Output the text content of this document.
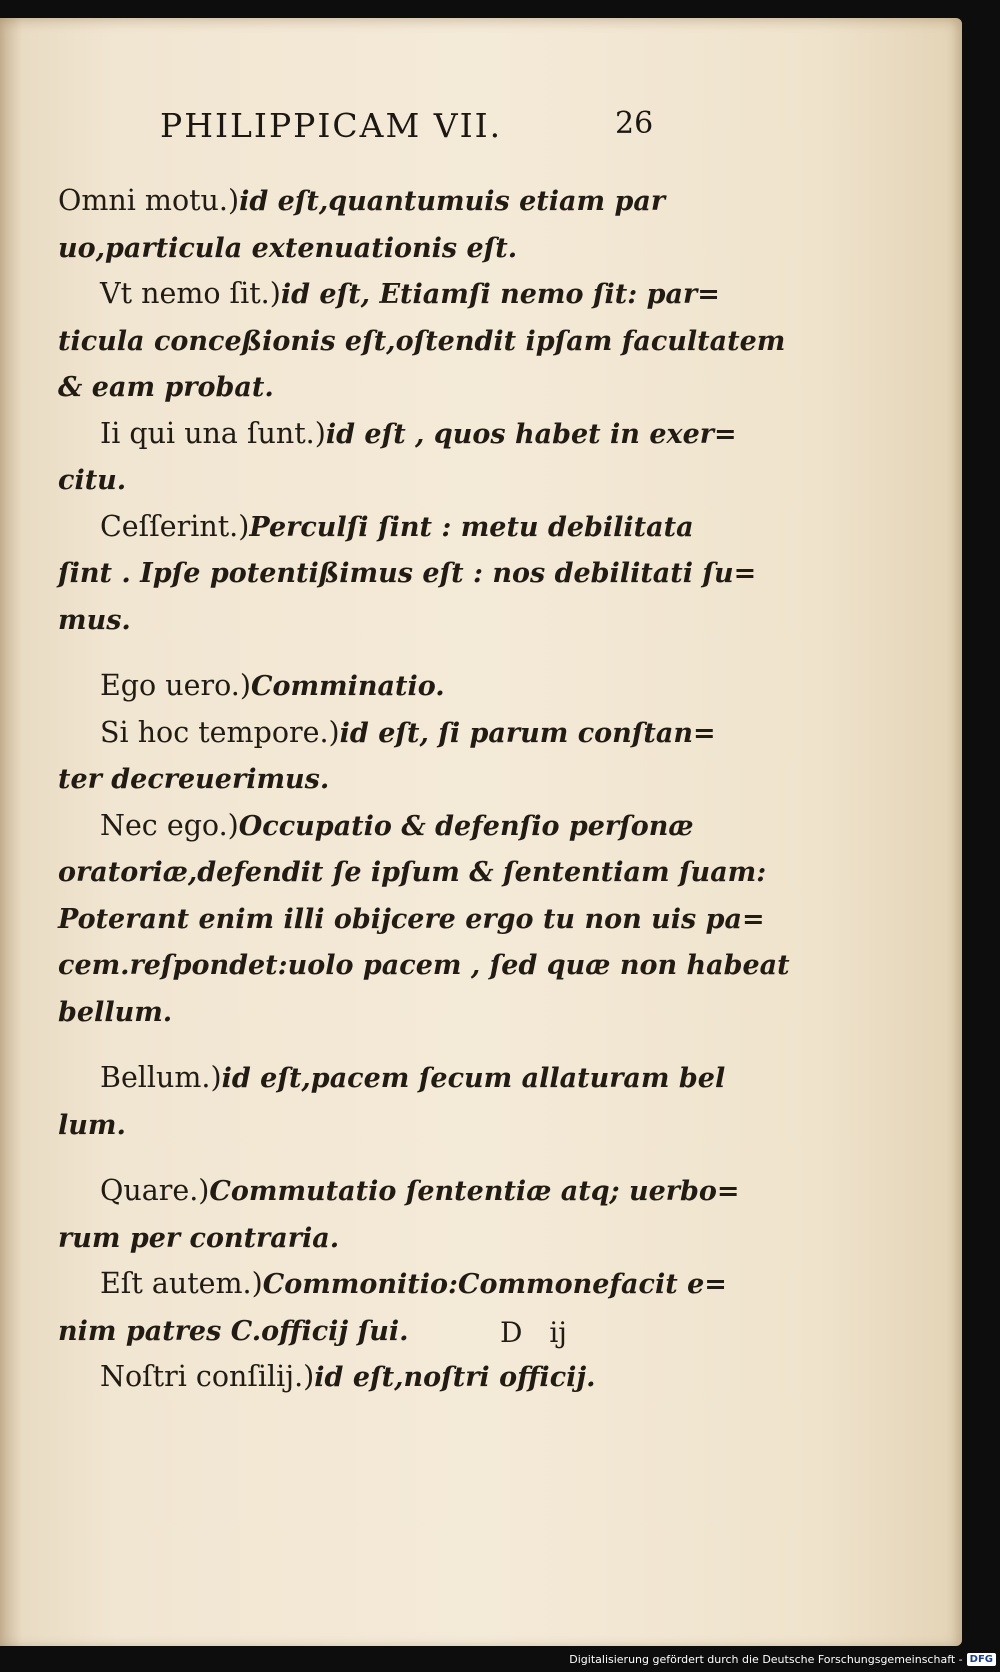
PHILIPPICAM VII.	26
Omni motu.)id eſt,quantumuis etiam par
uo,particula extenuationis eſt.
Vt nemo ſit.)id eſt, Etiamſi nemo ſit: par=
ticula conceßionis eſt,oſtendit ipſam facultatem
& eam probat.
Ii qui una ſunt.)id eſt , quos habet in exer=
citu.
Ceſſerint.)Perculſi ſint : metu debilitata
ſint . Ipſe potentißimus eſt : nos debilitati ſu=
mus.
Ego uero.)Comminatio.
Si hoc tempore.)id eſt, ſi parum conſtan=
ter decreuerimus.
Nec ego.)Occupatio & defenſio perſonæ
oratoriæ,defendit ſe ipſum & ſententiam ſuam:
Poterant enim illi obijcere ergo tu non uis pa=
cem.reſpondet:uolo pacem , ſed quæ non habeat
bellum.
Bellum.)id eſt,pacem ſecum allaturam bel
lum.
Quare.)Commutatio ſententiæ atq; uerbo=
rum per contraria.
Eſt autem.)Commonitio:Commonefacit e=
nim patres C.officij ſui.
Noſtri conſilij.)id eſt,noſtri officij.
D ij
Digitalisierung gefördert durch die Deutsche Forschungsgemeinschaft - DFG
